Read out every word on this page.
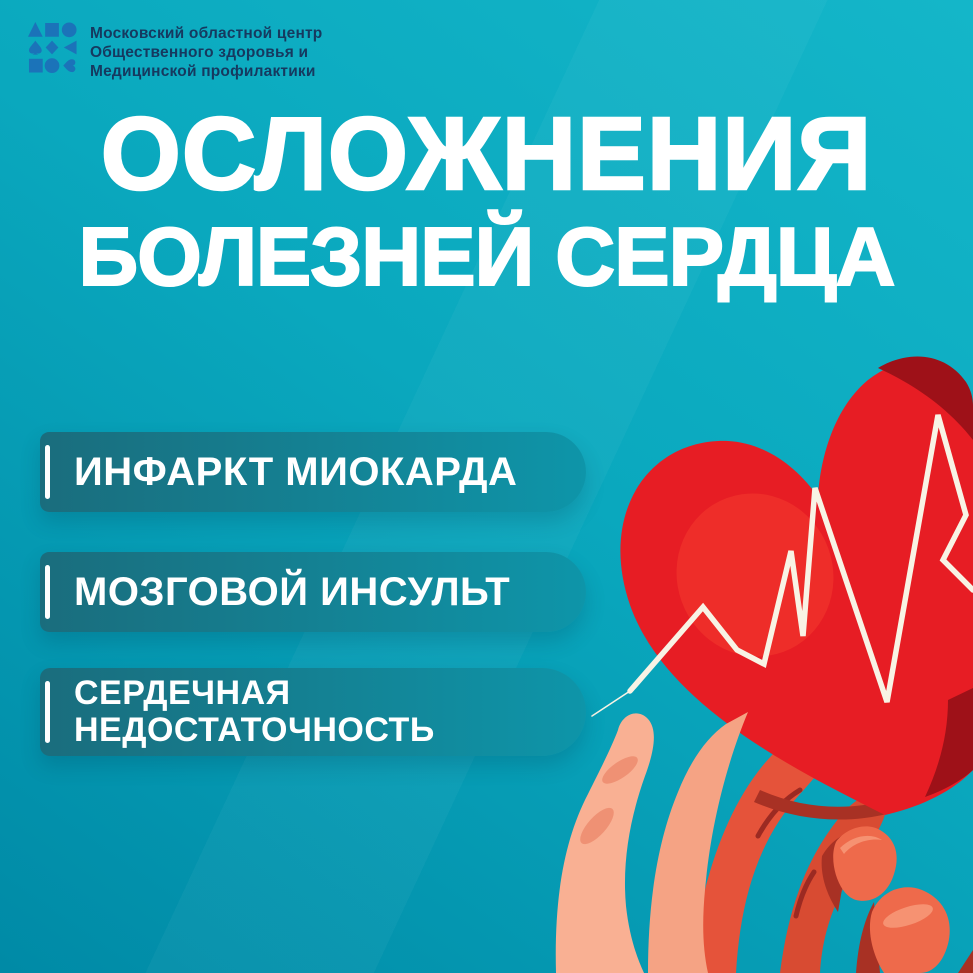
Московский областной центр
Общественного здоровья и
Медицинской профилактики
ОСЛОЖНЕНИЯ
БОЛЕЗНЕЙ СЕРДЦА
ИНФАРКТ МИОКАРДА
МОЗГОВОЙ ИНСУЛЬТ
СЕРДЕЧНАЯ НЕДОСТАТОЧНОСТЬ
